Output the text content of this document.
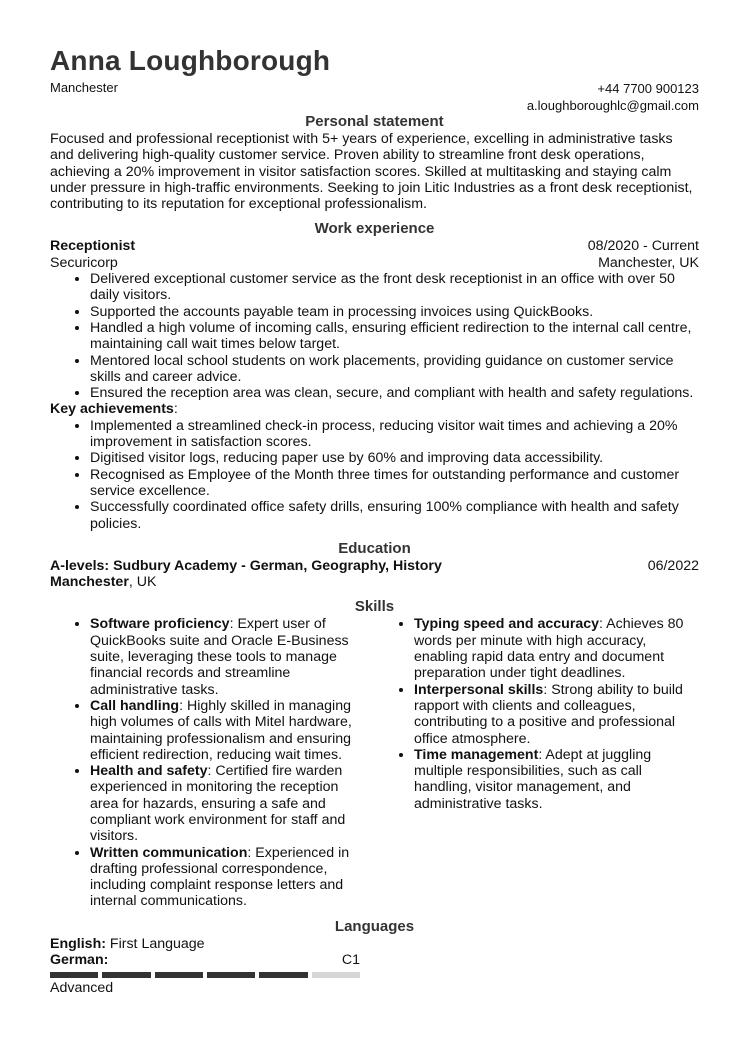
Anna Loughborough
Manchester	+44 7700 900123
a.loughboroughlc@gmail.com
Personal statement

Focused and professional receptionist with 5+ years of experience, excelling in administrative tasks and delivering high-quality customer service. Proven ability to streamline front desk operations, achieving a 20% improvement in visitor satisfaction scores. Skilled at multitasking and staying calm under pressure in high-traffic environments. Seeking to join Litic Industries as a front desk receptionist, contributing to its reputation for exceptional professionalism.

Work experience
Receptionist	08/2020 - Current
Securicorp	Manchester, UK
• Delivered exceptional customer service as the front desk receptionist in an office with over 50 daily visitors.
• Supported the accounts payable team in processing invoices using QuickBooks.
• Handled a high volume of incoming calls, ensuring efficient redirection to the internal call centre, maintaining call wait times below target.
• Mentored local school students on work placements, providing guidance on customer service skills and career advice.
• Ensured the reception area was clean, secure, and compliant with health and safety regulations.
Key achievements:
• Implemented a streamlined check-in process, reducing visitor wait times and achieving a 20% improvement in satisfaction scores.
• Digitised visitor logs, reducing paper use by 60% and improving data accessibility.
• Recognised as Employee of the Month three times for outstanding performance and customer service excellence.
• Successfully coordinated office safety drills, ensuring 100% compliance with health and safety policies.
Education
A-levels: Sudbury Academy - German, Geography, History	06/2022
Manchester, UK
Skills
• Software proficiency: Expert user of QuickBooks suite and Oracle E-Business suite, leveraging these tools to manage financial records and streamline administrative tasks.
• Call handling: Highly skilled in managing high volumes of calls with Mitel hardware, maintaining professionalism and ensuring efficient redirection, reducing wait times.
• Health and safety: Certified fire warden experienced in monitoring the reception area for hazards, ensuring a safe and compliant work environment for staff and visitors.
• Written communication: Experienced in drafting professional correspondence, including complaint response letters and internal communications.
• Typing speed and accuracy: Achieves 80 words per minute with high accuracy, enabling rapid data entry and document preparation under tight deadlines.
• Interpersonal skills: Strong ability to build rapport with clients and colleagues, contributing to a positive and professional office atmosphere.
• Time management: Adept at juggling multiple responsibilities, such as call handling, visitor management, and administrative tasks.
Languages
English: First Language
German:	C1
Advanced
